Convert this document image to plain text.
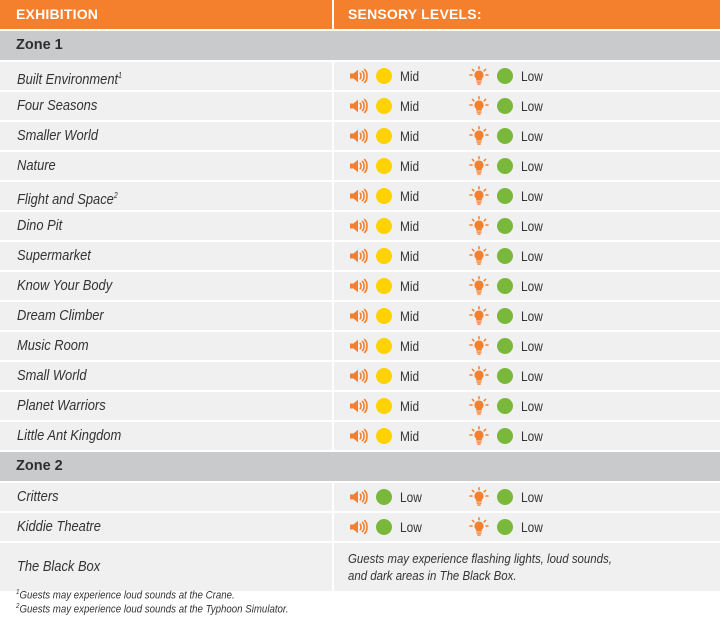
EXHIBITION	SENSORY LEVELS:
Zone 1
Built Environment$^1$	Mid	Low
Four Seasons	Mid	Low
Smaller World	Mid	Low
Nature	Mid	Low
Flight and Space$^2$	Mid	Low
Dino Pit	Mid	Low
Supermarket	Mid	Low
Know Your Body	Mid	Low
Dream Climber	Mid	Low
Music Room	Mid	Low
Small World	Mid	Low
Planet Warriors	Mid	Low
Little Ant Kingdom	Mid	Low
Zone 2
Critters	Low	Low
Kiddie Theatre	Low	Low
The Black Box	Guests may experience flashing lights, loud sounds,
and dark areas in The Black Box.
$^1$Guests may experience loud sounds at the Crane.
$^2$Guests may experience loud sounds at the Typhoon Simulator.
